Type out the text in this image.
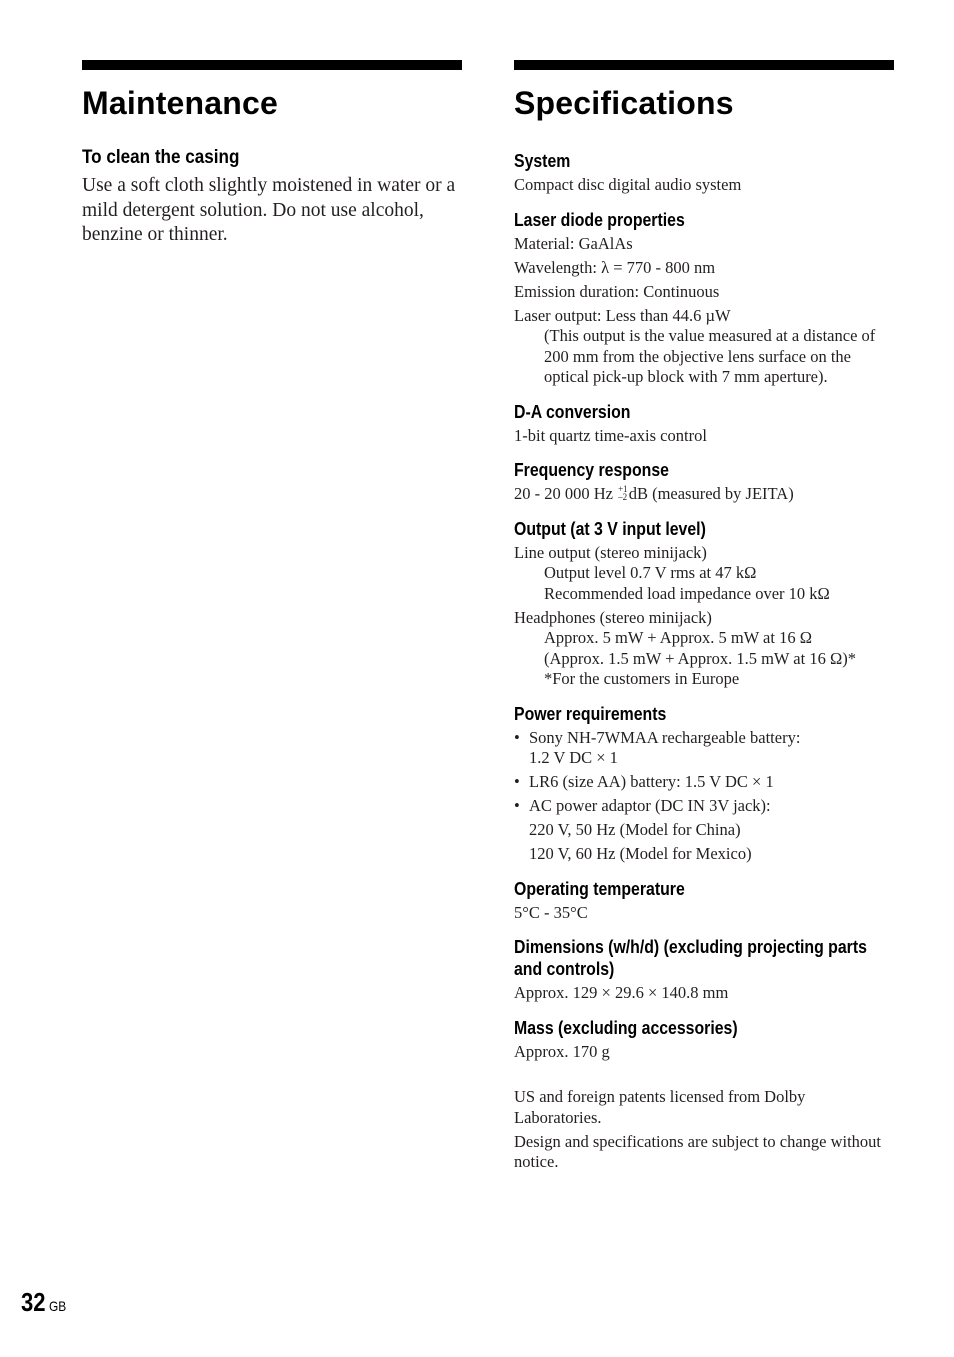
Maintenance
To clean the casing
Use a soft cloth slightly moistened in water or a mild detergent solution. Do not use alcohol, benzine or thinner.
Specifications
System
Compact disc digital audio system
Laser diode properties
Material: GaAlAs
Wavelength: λ = 770 - 800 nm
Emission duration: Continuous
Laser output: Less than 44.6 µW
(This output is the value measured at a distance of 200 mm from the objective lens surface on the optical pick-up block with 7 mm aperture).
D-A conversion
1-bit quartz time-axis control
Frequency response
20 - 20 000 Hz +1
–2 dB (measured by JEITA)
Output (at 3 V input level)
Line output (stereo minijack)
Output level 0.7 V rms at 47 kΩ
Recommended load impedance over 10 kΩ
Headphones (stereo minijack)
Approx. 5 mW + Approx. 5 mW at 16 Ω
(Approx. 1.5 mW + Approx. 1.5 mW at 16 Ω)*
*For the customers in Europe
Power requirements
• Sony NH-7WMAA rechargeable battery:
1.2 V DC × 1
• LR6 (size AA) battery: 1.5 V DC × 1
• AC power adaptor (DC IN 3V jack):
220 V, 50 Hz (Model for China)
120 V, 60 Hz (Model for Mexico)
Operating temperature
5°C - 35°C
Dimensions (w/h/d) (excluding projecting parts and controls)
Approx. 129 × 29.6 × 140.8 mm
Mass (excluding accessories)
Approx. 170 g
US and foreign patents licensed from Dolby Laboratories.
Design and specifications are subject to change without notice.
32 GB
